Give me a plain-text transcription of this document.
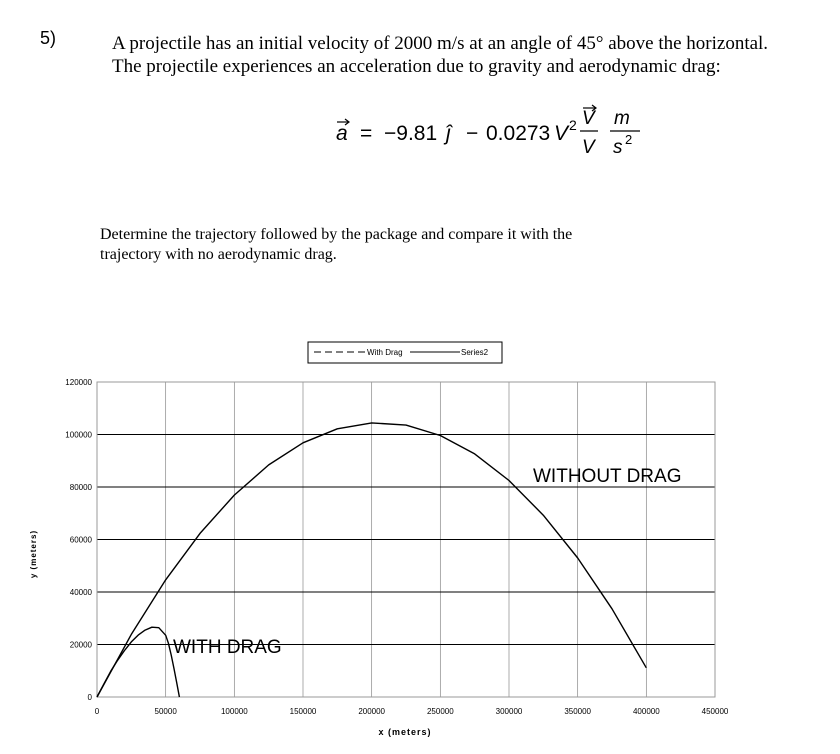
5)	A projectile has an initial velocity of 2000 m/s at an angle of 45° above the horizontal.
The projectile experiences an acceleration due to gravity and aerodynamic drag:
a = −9.81 ĵ − 0.0273 V 2 V
V
m
s 2
Determine the trajectory followed by the package and compare it with the
trajectory with no aerodynamic drag.
0	50000	100000	150000	200000	250000	300000	350000	400000	450000
0
20000
40000
60000
80000
100000
120000
x (meters)
y (meters)
With Drag	Series2
WITHOUT DRAG
WITH DRAG
